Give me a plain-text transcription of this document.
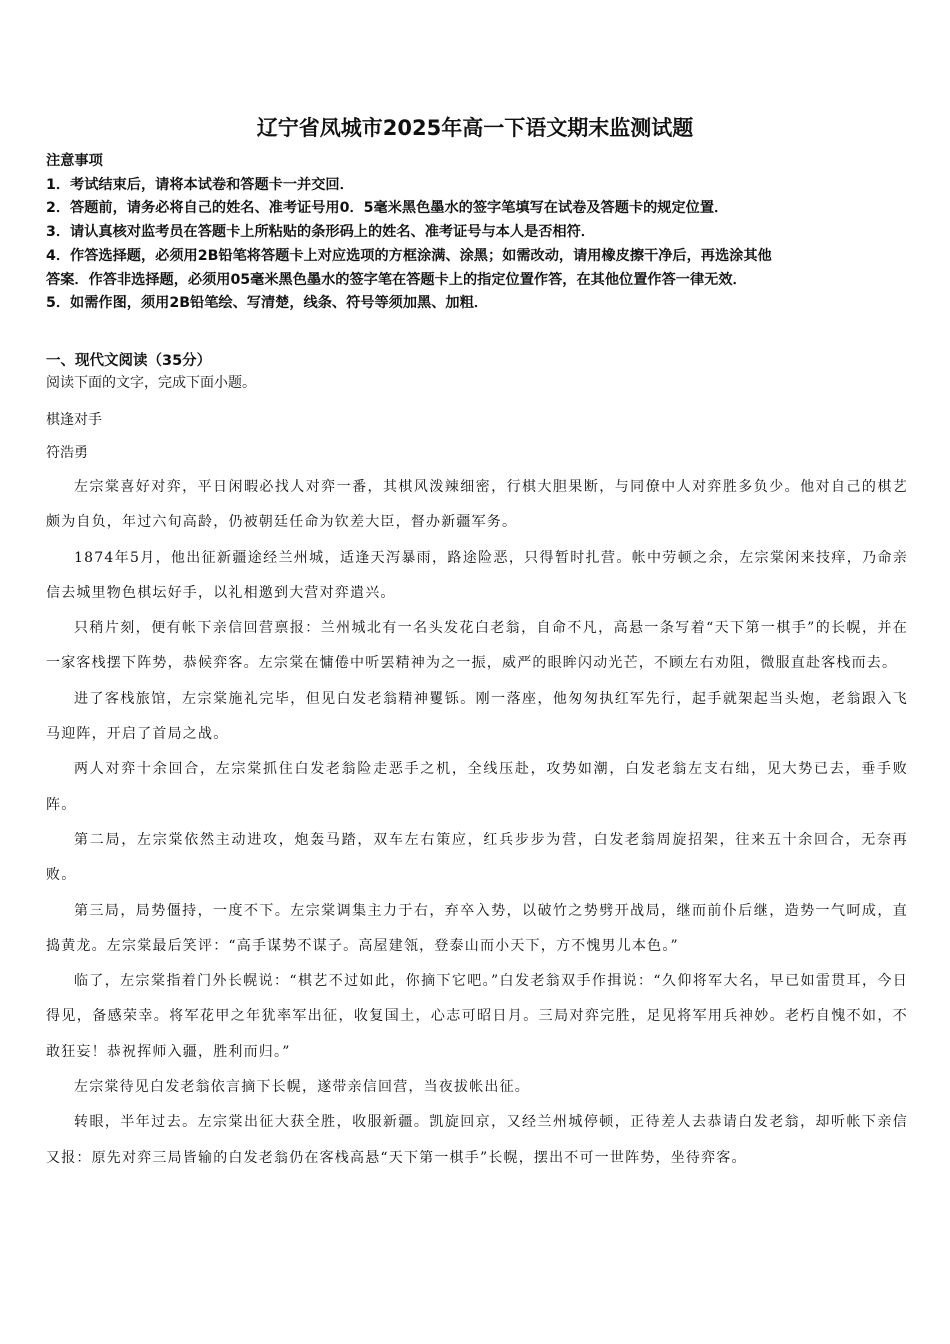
辽宁省凤城市2025年高一下语文期末监测试题
注意事项
1．考试结束后，请将本试卷和答题卡一并交回．
2．答题前，请务必将自己的姓名、准考证号用0．5毫米黑色墨水的签字笔填写在试卷及答题卡的规定位置．
3．请认真核对监考员在答题卡上所粘贴的条形码上的姓名、准考证号与本人是否相符．
4．作答选择题，必须用2B铅笔将答题卡上对应选项的方框涂满、涂黑；如需改动，请用橡皮擦干净后，再选涂其他
答案．作答非选择题，必须用05毫米黑色墨水的签字笔在答题卡上的指定位置作答，在其他位置作答一律无效．
5．如需作图，须用2B铅笔绘、写清楚，线条、符号等须加黑、加粗．
一、现代文阅读（35分）
阅读下面的文字，完成下面小题。

棋逢对手

符浩勇

左宗棠喜好对弈，平日闲暇必找人对弈一番，其棋风泼辣细密，行棋大胆果断，与同僚中人对弈胜多负少。他对自己的棋艺颇为自负，年过六旬高龄，仍被朝廷任命为钦差大臣，督办新疆军务。

1874年5月，他出征新疆途经兰州城，适逢天泻暴雨，路途险恶，只得暂时扎营。帐中劳顿之余，左宗棠闲来技痒，乃命亲信去城里物色棋坛好手，以礼相邀到大营对弈遣兴。

只稍片刻，便有帐下亲信回营禀报：兰州城北有一名头发花白老翁，自命不凡，高悬一条写着“天下第一棋手”的长幌，并在一家客栈摆下阵势，恭候弈客。左宗棠在慵倦中听罢精神为之一振，威严的眼眸闪动光芒，不顾左右劝阻，微服直赴客栈而去。

进了客栈旅馆，左宗棠施礼完毕，但见白发老翁精神矍铄。刚一落座，他匆匆执红军先行，起手就架起当头炮，老翁跟入飞马迎阵，开启了首局之战。

两人对弈十余回合，左宗棠抓住白发老翁险走恶手之机，全线压赴，攻势如潮，白发老翁左支右绌，见大势已去，垂手败阵。

第二局，左宗棠依然主动进攻，炮轰马踏，双车左右策应，红兵步步为营，白发老翁周旋招架，往来五十余回合，无奈再败。

第三局，局势僵持，一度不下。左宗棠调集主力于右，弃卒入势，以破竹之势劈开战局，继而前仆后继，造势一气呵成，直捣黄龙。左宗棠最后笑评：“高手谋势不谋子。高屋建瓴，登泰山而小天下，方不愧男儿本色。”

临了，左宗棠指着门外长幌说：“棋艺不过如此，你摘下它吧。”白发老翁双手作揖说：“久仰将军大名，早已如雷贯耳，今日得见，备感荣幸。将军花甲之年犹率军出征，收复国土，心志可昭日月。三局对弈完胜，足见将军用兵神妙。老朽自愧不如，不敢狂妄！恭祝挥师入疆，胜利而归。”

左宗棠待见白发老翁依言摘下长幌，遂带亲信回营，当夜拔帐出征。

转眼，半年过去。左宗棠出征大获全胜，收服新疆。凯旋回京，又经兰州城停顿，正待差人去恭请白发老翁，却听帐下亲信又报：原先对弈三局皆输的白发老翁仍在客栈高悬“天下第一棋手”长幌，摆出不可一世阵势，坐待弈客。
